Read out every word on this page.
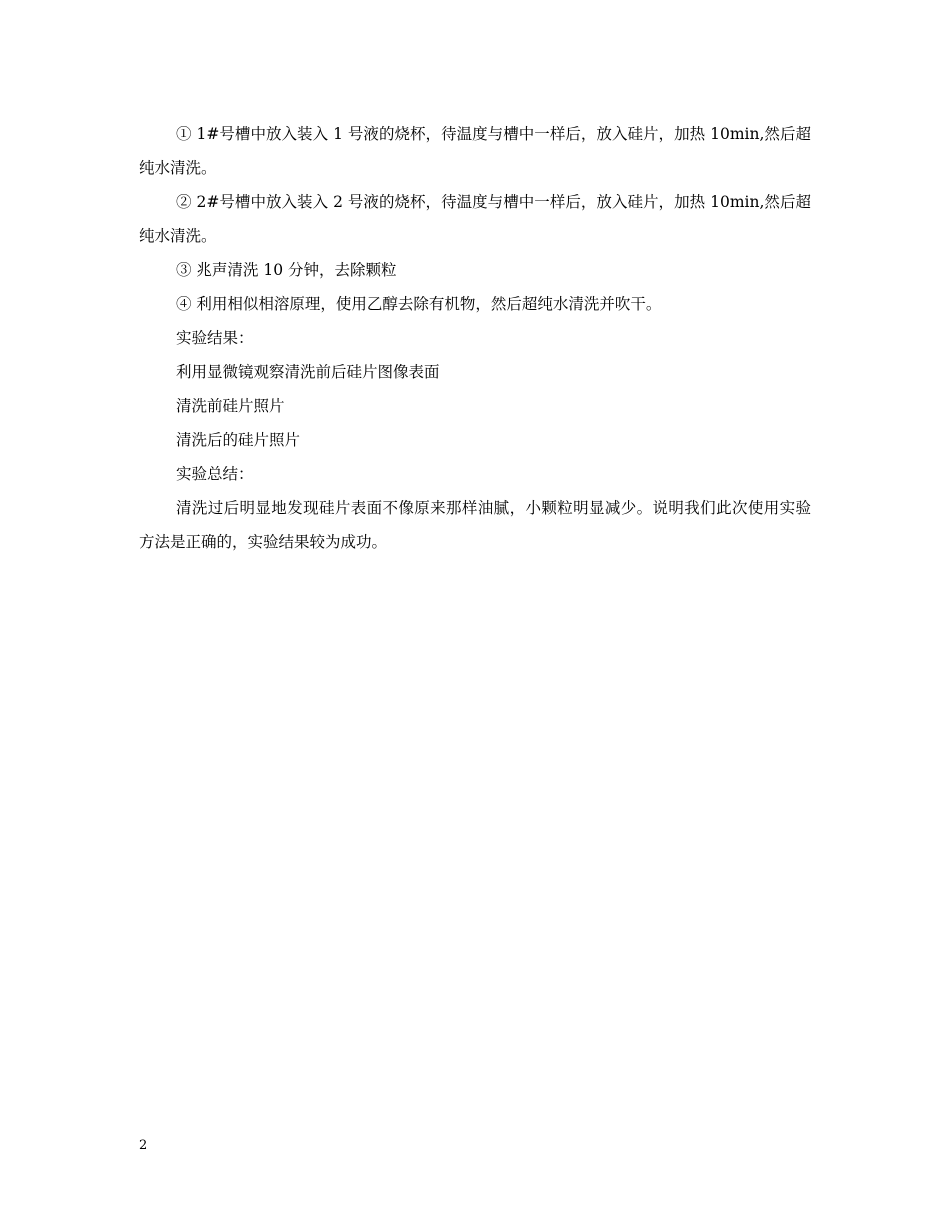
① 1#号槽中放入装入 1 号液的烧杯，待温度与槽中一样后，放入硅片，加热 10min,然后超纯水清洗。

② 2#号槽中放入装入 2 号液的烧杯，待温度与槽中一样后，放入硅片，加热 10min,然后超纯水清洗。

③ 兆声清洗 10 分钟，去除颗粒

④ 利用相似相溶原理，使用乙醇去除有机物，然后超纯水清洗并吹干。

实验结果：

利用显微镜观察清洗前后硅片图像表面

清洗前硅片照片

清洗后的硅片照片

实验总结：

清洗过后明显地发现硅片表面不像原来那样油腻，小颗粒明显减少。说明我们此次使用实验方法是正确的，实验结果较为成功。

2
